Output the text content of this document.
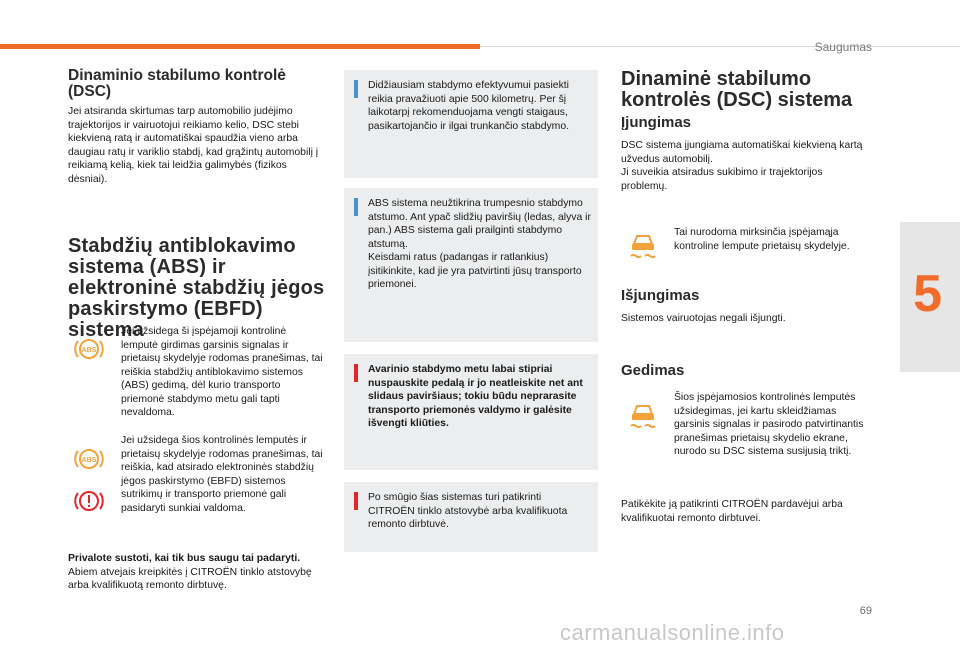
Saugumas
5
Dinaminio stabilumo kontrolė (DSC)

Jei atsiranda skirtumas tarp automobilio judėjimo trajektorijos ir vairuotojui reikiamo kelio, DSC stebi kiekvieną ratą ir automatiškai spaudžia vieno arba daugiau ratų ir variklio stabdį, kad grąžintų automobilį į reikiamą kelią, kiek tai leidžia galimybės (fizikos dėsniai).

Stabdžių antiblokavimo sistema (ABS) ir elektroninė stabdžių jėgos paskirstymo (EBFD) sistema
ABS

Jei užsidega ši įspėjamoji kontrolinė lemputė girdimas garsinis signalas ir prietaisų skydelyje rodomas pranešimas, tai reiškia stabdžių antiblokavimo sistemos (ABS) gedimą, dėl kurio transporto priemonė stabdymo metu gali tapti nevaldoma.

ABS

Jei užsidega šios kontrolinės lemputės ir prietaisų skydelyje rodomas pranešimas, tai reiškia, kad atsirado elektroninės stabdžių jėgos paskirstymo (EBFD) sistemos sutrikimų ir transporto priemonė gali pasidaryti sunkiai valdoma.

Privalote sustoti, kai tik bus saugu tai padaryti.
Abiem atvejais kreipkitės į CITROËN tinklo atstovybę arba kvalifikuotą remonto dirbtuvę.

Didžiausiam stabdymo efektyvumui pasiekti reikia pravažiuoti apie 500 kilometrų. Per šį laikotarpį rekomenduojama vengti staigaus, pasikartojančio ir ilgai trunkančio stabdymo.

ABS sistema neužtikrina trumpesnio stabdymo atstumo. Ant ypač slidžių paviršių (ledas, alyva ir pan.) ABS sistema gali prailginti stabdymo atstumą.
Keisdami ratus (padangas ir ratlankius) įsitikinkite, kad jie yra patvirtinti jūsų transporto priemonei.

Avarinio stabdymo metu labai stipriai nuspauskite pedalą ir jo neatleiskite net ant slidaus paviršiaus; tokiu būdu neprarasite transporto priemonės valdymo ir galėsite išvengti kliūties.

Po smūgio šias sistemas turi patikrinti CITROËN tinklo atstovybė arba kvalifikuota remonto dirbtuvė.

Dinaminė stabilumo kontrolės (DSC) sistema
Įjungimas

DSC sistema įjungiama automatiškai kiekvieną kartą užvedus automobilį.
Ji suveikia atsiradus sukibimo ir trajektorijos problemų.

Tai nurodoma mirksinčia įspėjamąja kontroline lempute prietaisų skydelyje.

Išjungimas

Sistemos vairuotojas negali išjungti.

Gedimas

Šios įspėjamosios kontrolinės lemputės užsidegimas, jei kartu skleidžiamas garsinis signalas ir pasirodo patvirtinantis pranešimas prietaisų skydelio ekrane, nurodo su DSC sistema susijusią triktį.

Patikėkite ją patikrinti CITROËN pardavėjui arba kvalifikuotai remonto dirbtuvei.

69
carmanualsonline.info
